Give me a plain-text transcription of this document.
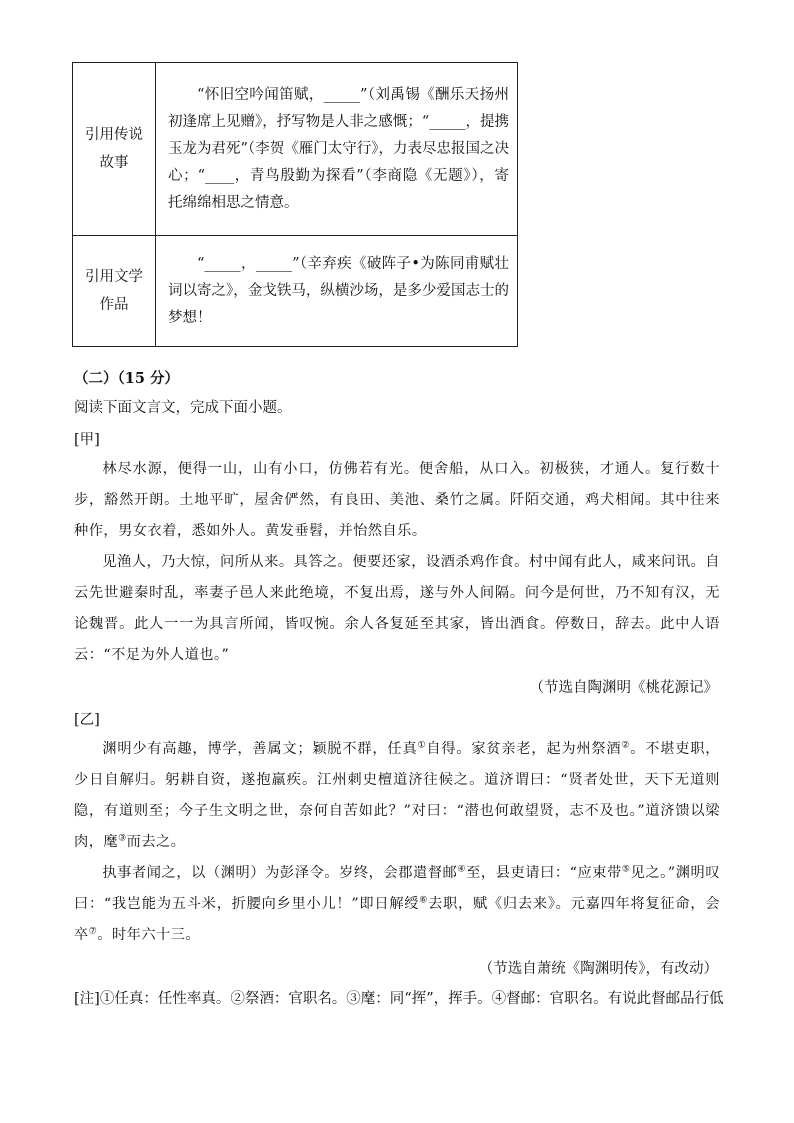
引用传说故事	“怀旧空吟闻笛赋，_____”（刘禹锡《酬乐天扬州初逢席上见赠》，抒写物是人非之感慨；“_____，提携玉龙为君死”（李贺《雁门太守行》，力表尽忠报国之决心；“____，青鸟殷勤为探看”（李商隐《无题》），寄托绵绵相思之情意。

引用文学作品	“_____，_____”（辛弃疾《破阵子•为陈同甫赋壮词以寄之》，金戈铁马，纵横沙场，是多少爱国志士的梦想！

（二）（15 分）
阅读下面文言文，完成下面小题。
[甲]

林尽水源，便得一山，山有小口，仿佛若有光。便舍船，从口入。初极狭，才通人。复行数十步，豁然开朗。土地平旷，屋舍俨然，有良田、美池、桑竹之属。阡陌交通，鸡犬相闻。其中往来种作，男女衣着，悉如外人。黄发垂髫，并怡然自乐。

见渔人，乃大惊，问所从来。具答之。便要还家，设酒杀鸡作食。村中闻有此人，咸来问讯。自云先世避秦时乱，率妻子邑人来此绝境，不复出焉，遂与外人间隔。问今是何世，乃不知有汉，无论魏晋。此人一一为具言所闻，皆叹惋。余人各复延至其家，皆出酒食。停数日，辞去。此中人语云：“不足为外人道也。”

（节选自陶渊明《桃花源记》
[乙]

渊明少有高趣，博学，善属文；颖脱不群，任真①自得。家贫亲老，起为州祭酒②。不堪吏职，少日自解归。躬耕自资，遂抱羸疾。江州刺史檀道济往候之。道济谓曰：“贤者处世，天下无道则隐，有道则至；今子生文明之世，奈何自苦如此？”对曰：“潜也何敢望贤，志不及也。”道济馈以梁肉，麾③而去之。

执事者闻之，以（渊明）为彭泽令。岁终，会郡遣督邮④至，县吏请曰：“应束带⑤见之。”渊明叹曰：“我岂能为五斗米，折腰向乡里小儿！”即日解绶⑥去职，赋《归去来》。元嘉四年将复征命，会卒⑦。时年六十三。

（节选自萧统《陶渊明传》，有改动）
[注]①任真：任性率真。②祭酒：官职名。③麾：同“挥”，挥手。④督邮：官职名。有说此督邮品行低
